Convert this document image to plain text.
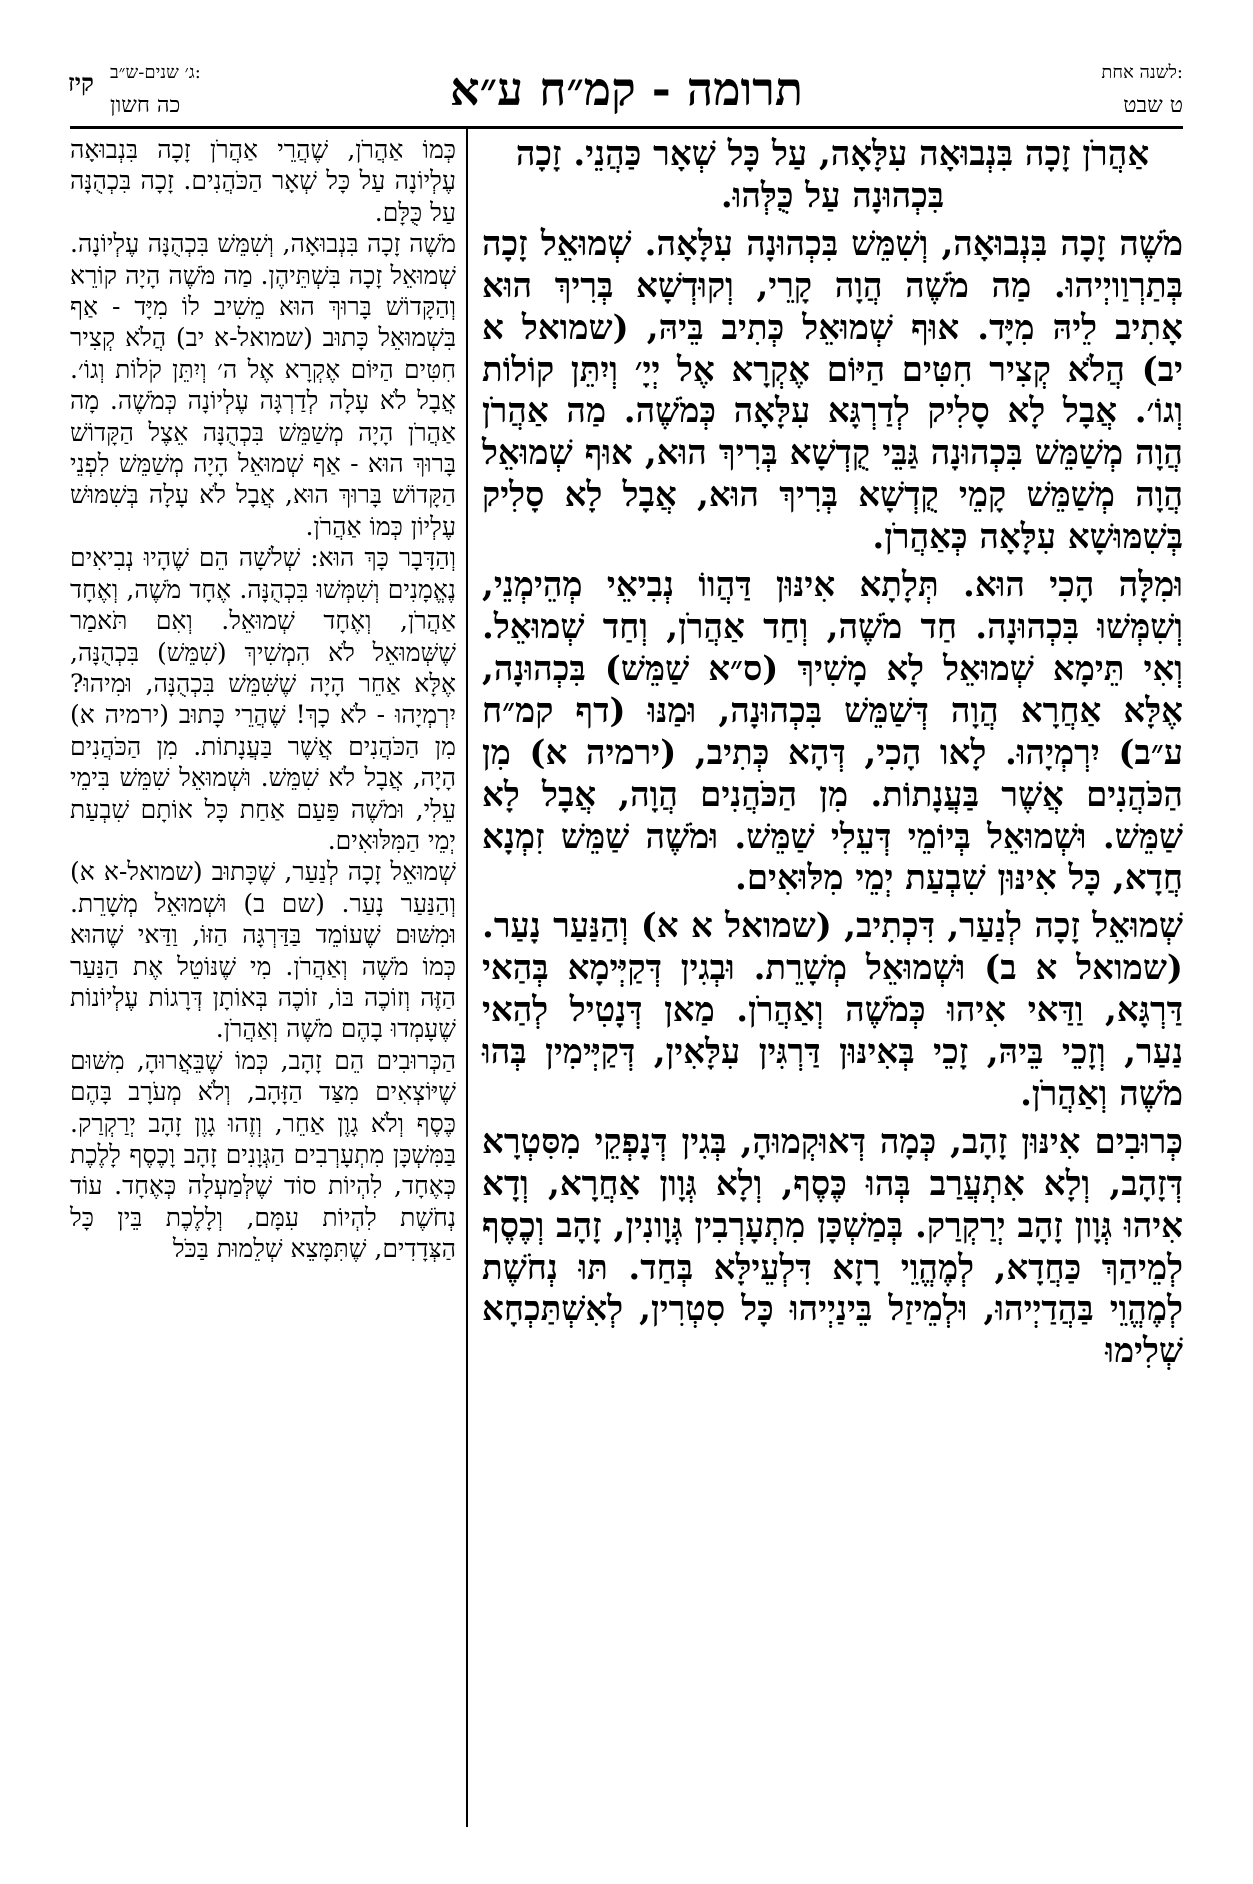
קיז ג׳ שנים-ש״ב:
כה חשון	תרומה - קמ״ח ע״א	לשנה אחת:
ט שבט

אַהֲרֹן זָכָה בִּנְבוּאָה עִלָּאָה, עַל כָּל שְׁאָר כַּהֲנֵי. זָכָה בִּכְהוּנָה עַל כֻּלְּהוּ.

מֹשֶׁה זָכָה בִּנְבוּאָה, וְשִׁמֵּשׁ בִּכְהוּנָה עִלָּאָה. שְׁמוּאֵל זָכָה בְּתַרְוַויְיהוּ. מַה מֹשֶׁה הֲוָה קָרֵי, וְקוּדְשָׁא בְּרִיךְ הוּא אָתִיב לֵיהּ מִיָּד. אוּף שְׁמוּאֵל כְּתִיב בֵּיהּ, (שמואל א יב) הֲלֹא קְצִיר חִטִּים הַיּוֹם אֶקְרָא אֶל יְיָ׳ וְיִתֵּן קוֹלוֹת וְגוֹ׳. אֲבָל לָא סָלִיק לְדַרְגָּא עִלָּאָה כְּמֹשֶׁה. מַה אַהֲרֹן הֲוָה מְשַׁמֵּשׁ בִּכְהוּנָה גַּבֵּי קֻדְשָׁא בְּרִיךְ הוּא, אוּף שְׁמוּאֵל הֲוָה מְשַׁמֵּשׁ קָמֵי קֻדְשָׁא בְּרִיךְ הוּא, אֲבָל לָא סָלִיק בְּשִׁמּוּשָׁא עִלָּאָה כְּאַהֲרֹן.

וּמִלָּה הָכִי הוּא. תְּלָתָא אִינּוּן דַּהֲווֹ נְבִיאֵי מְהֵימְנֵי, וְשִׁמְּשׁוּ בִּכְהוּנָה. חַד מֹשֶׁה, וְחַד אַהֲרֹן, וְחַד שְׁמוּאֵל. וְאִי תֵּימָא שְׁמוּאֵל לָא מָשִׁיךְ (ס״א שַׁמֵּשׁ) בִּכְהוּנָה, אֶלָּא אַחֲרָא הֲוָה דְּשַׁמֵּשׁ בִּכְהוּנָה, וּמַנּוּ (דף קמ״ח ע״ב) יִרְמְיָהוּ. לָאו הָכִי, דְּהָא כְּתִיב, (ירמיה א) מִן הַכֹּהֲנִים אֲשֶׁר בַּעֲנָתוֹת. מִן הַכֹּהֲנִים הֲוָה, אֲבָל לָא שַׁמֵּשׁ. וּשְׁמוּאֵל בְּיוֹמֵי דְּעֵלִי שַׁמֵּשׁ. וּמֹשֶׁה שַׁמֵּשׁ זִמְנָא חֲדָא, כָּל אִינּוּן שִׁבְעַת יְמֵי מִלּוּאִים.

שְׁמוּאֵל זָכָה לְנַעַר, דִּכְתִיב, (שמואל א א) וְהַנַּעַר נָעַר. (שמואל א ב) וּשְׁמוּאֵל מְשָׁרֵת. וּבְגִין דְּקַיְּימָא בְּהַאי דַּרְגָּא, וַדַּאי אִיהוּ כְּמֹשֶׁה וְאַהֲרֹן. מַאן דְּנָטִיל לְהַאי נַעַר, וְזָכֵי בֵּיהּ, זָכֵי בְּאִינּוּן דַּרְגִּין עִלָּאִין, דְּקַיְּימִין בְּהוּ מֹשֶׁה וְאַהֲרֹן.

כְּרוּבִים אִינּוּן זָהָב, כְּמָה דְּאוּקְמוּהָ, בְּגִין דְּנָפְקֵי מִסִּטְרָא דְּזָהָב, וְלָא אִתְעֲרַב בְּהוּ כֶּסֶף, וְלָא גְּוָון אַחֲרָא, וְדָא אִיהוּ גְּוָון זָהָב יְרַקְרַק. בְּמַשְׁכָּן מִתְעָרְבִין גְּוָונִין, זָהָב וְכֶסֶף לְמֵיהַךְ כַּחֲדָא, לְמֶהֱוֵי רָזָא דִּלְעֵילָּא בְּחַד. תּוּ נְחֹשֶׁת לְמֶהֱוֵי בַּהֲדַיְיהוּ, וּלְמֵיזַל בֵּינַיְיהוּ כָּל סִטְרִין, לְאִשְׁתַּכְחָא שְׁלִימוּ

כְּמוֹ אַהֲרֹן, שֶׁהֲרֵי אַהֲרֹן זָכָה בִּנְבוּאָה עֶלְיוֹנָה עַל כָּל שְׁאָר הַכֹּהֲנִים. זָכָה בִּכְהֻנָּה עַל כֻּלָּם.

מֹשֶׁה זָכָה בִּנְבוּאָה, וְשִׁמֵּשׁ בִּכְהֻנָּה עֶלְיוֹנָה. שְׁמוּאֵל זָכָה בִּשְׁתֵּיהֶן. מַה מֹּשֶׁה הָיָה קוֹרֵא וְהַקָּדוֹשׁ בָּרוּךְ הוּא מֵשִׁיב לוֹ מִיָּד - אַף בִּשְׁמוּאֵל כָּתוּב (שמואל-א יב) הֲלֹא קְצִיר חִטִּים הַיּוֹם אֶקְרָא אֶל ה׳ וְיִתֵּן קֹלוֹת וְגוֹ׳. אֲבָל לֹא עָלָה לְדַרְגָּה עֶלְיוֹנָה כְּמֹשֶׁה. מָה אַהֲרֹן הָיָה מְשַׁמֵּשׁ בִּכְהֻנָּה אֵצֶל הַקָּדוֹשׁ בָּרוּךְ הוּא - אַף שְׁמוּאֵל הָיָה מְשַׁמֵּשׁ לִפְנֵי הַקָּדוֹשׁ בָּרוּךְ הוּא, אֲבָל לֹא עָלָה בְּשִׁמּוּשׁ עֶלְיוֹן כְּמוֹ אַהֲרֹן.

וְהַדָּבָר כָּךְ הוּא: שְׁלֹשָׁה הֵם שֶׁהָיוּ נְבִיאִים נֶאֱמָנִים וְשִׁמְּשׁוּ בִּכְהֻנָּה. אֶחָד מֹשֶׁה, וְאֶחָד אַהֲרֹן, וְאֶחָד שְׁמוּאֵל. וְאִם תֹּאמַר שֶׁשְּׁמוּאֵל לֹא הִמְשִׁיךְ (שִׁמֵּשׁ) בִּכְהֻנָּה, אֶלָּא אַחֵר הָיָה שֶׁשִּׁמֵּשׁ בִּכְהֻנָּה, וּמִיהוּ? יִרְמְיָהוּ - לֹא כָךְ! שֶׁהֲרֵי כָּתוּב (ירמיה א) מִן הַכֹּהֲנִים אֲשֶׁר בַּעֲנָתוֹת. מִן הַכֹּהֲנִים הָיָה, אֲבָל לֹא שִׁמֵּשׁ. וּשְׁמוּאֵל שִׁמֵּשׁ בִּימֵי עֵלִי, וּמֹשֶׁה פַּעַם אַחַת כָּל אוֹתָם שִׁבְעַת יְמֵי הַמִּלּוּאִים.

שְׁמוּאֵל זָכָה לְנַעַר, שֶׁכָּתוּב (שמואל-א א) וְהַנַּעַר נָעַר. (שם ב) וּשְׁמוּאֵל מְשָׁרֵת. וּמִשּׁוּם שֶׁעוֹמֵד בַּדַּרְגָּה הַזּוֹ, וַדַּאי שֶׁהוּא כְּמוֹ מֹשֶׁה וְאַהֲרֹן. מִי שֶׁנּוֹטֵל אֶת הַנַּעַר הַזֶּה וְזוֹכֶה בּוֹ, זוֹכֶה בְּאוֹתָן דְּרָגוֹת עֶלְיוֹנוֹת שֶׁעָמְדוּ בָהֶם מֹשֶׁה וְאַהֲרֹן.

הַכְּרוּבִים הֵם זָהָב, כְּמוֹ שֶׁבֵּאֲרוּהָ, מִשּׁוּם שֶׁיּוֹצְאִים מִצַּד הַזָּהָב, וְלֹא מְעֹרָב בָּהֶם כֶּסֶף וְלֹא גָוֶן אַחֵר, וְזֶהוּ גָוֶן זָהָב יְרַקְרַק. בַּמִּשְׁכָּן מִתְעָרְבִים הַגְּוָנִים זָהָב וָכֶסֶף לָלֶכֶת כְּאֶחָד, לִהְיוֹת סוֹד שֶׁלְּמַעְלָה כְּאֶחָד. עוֹד נְחֹשֶׁת לִהְיוֹת עִמָּם, וְלָלֶכֶת בֵּין כָּל הַצְּדָדִים, שֶׁתִּמָּצֵא שְׁלֵמוּת בַּכֹּל
